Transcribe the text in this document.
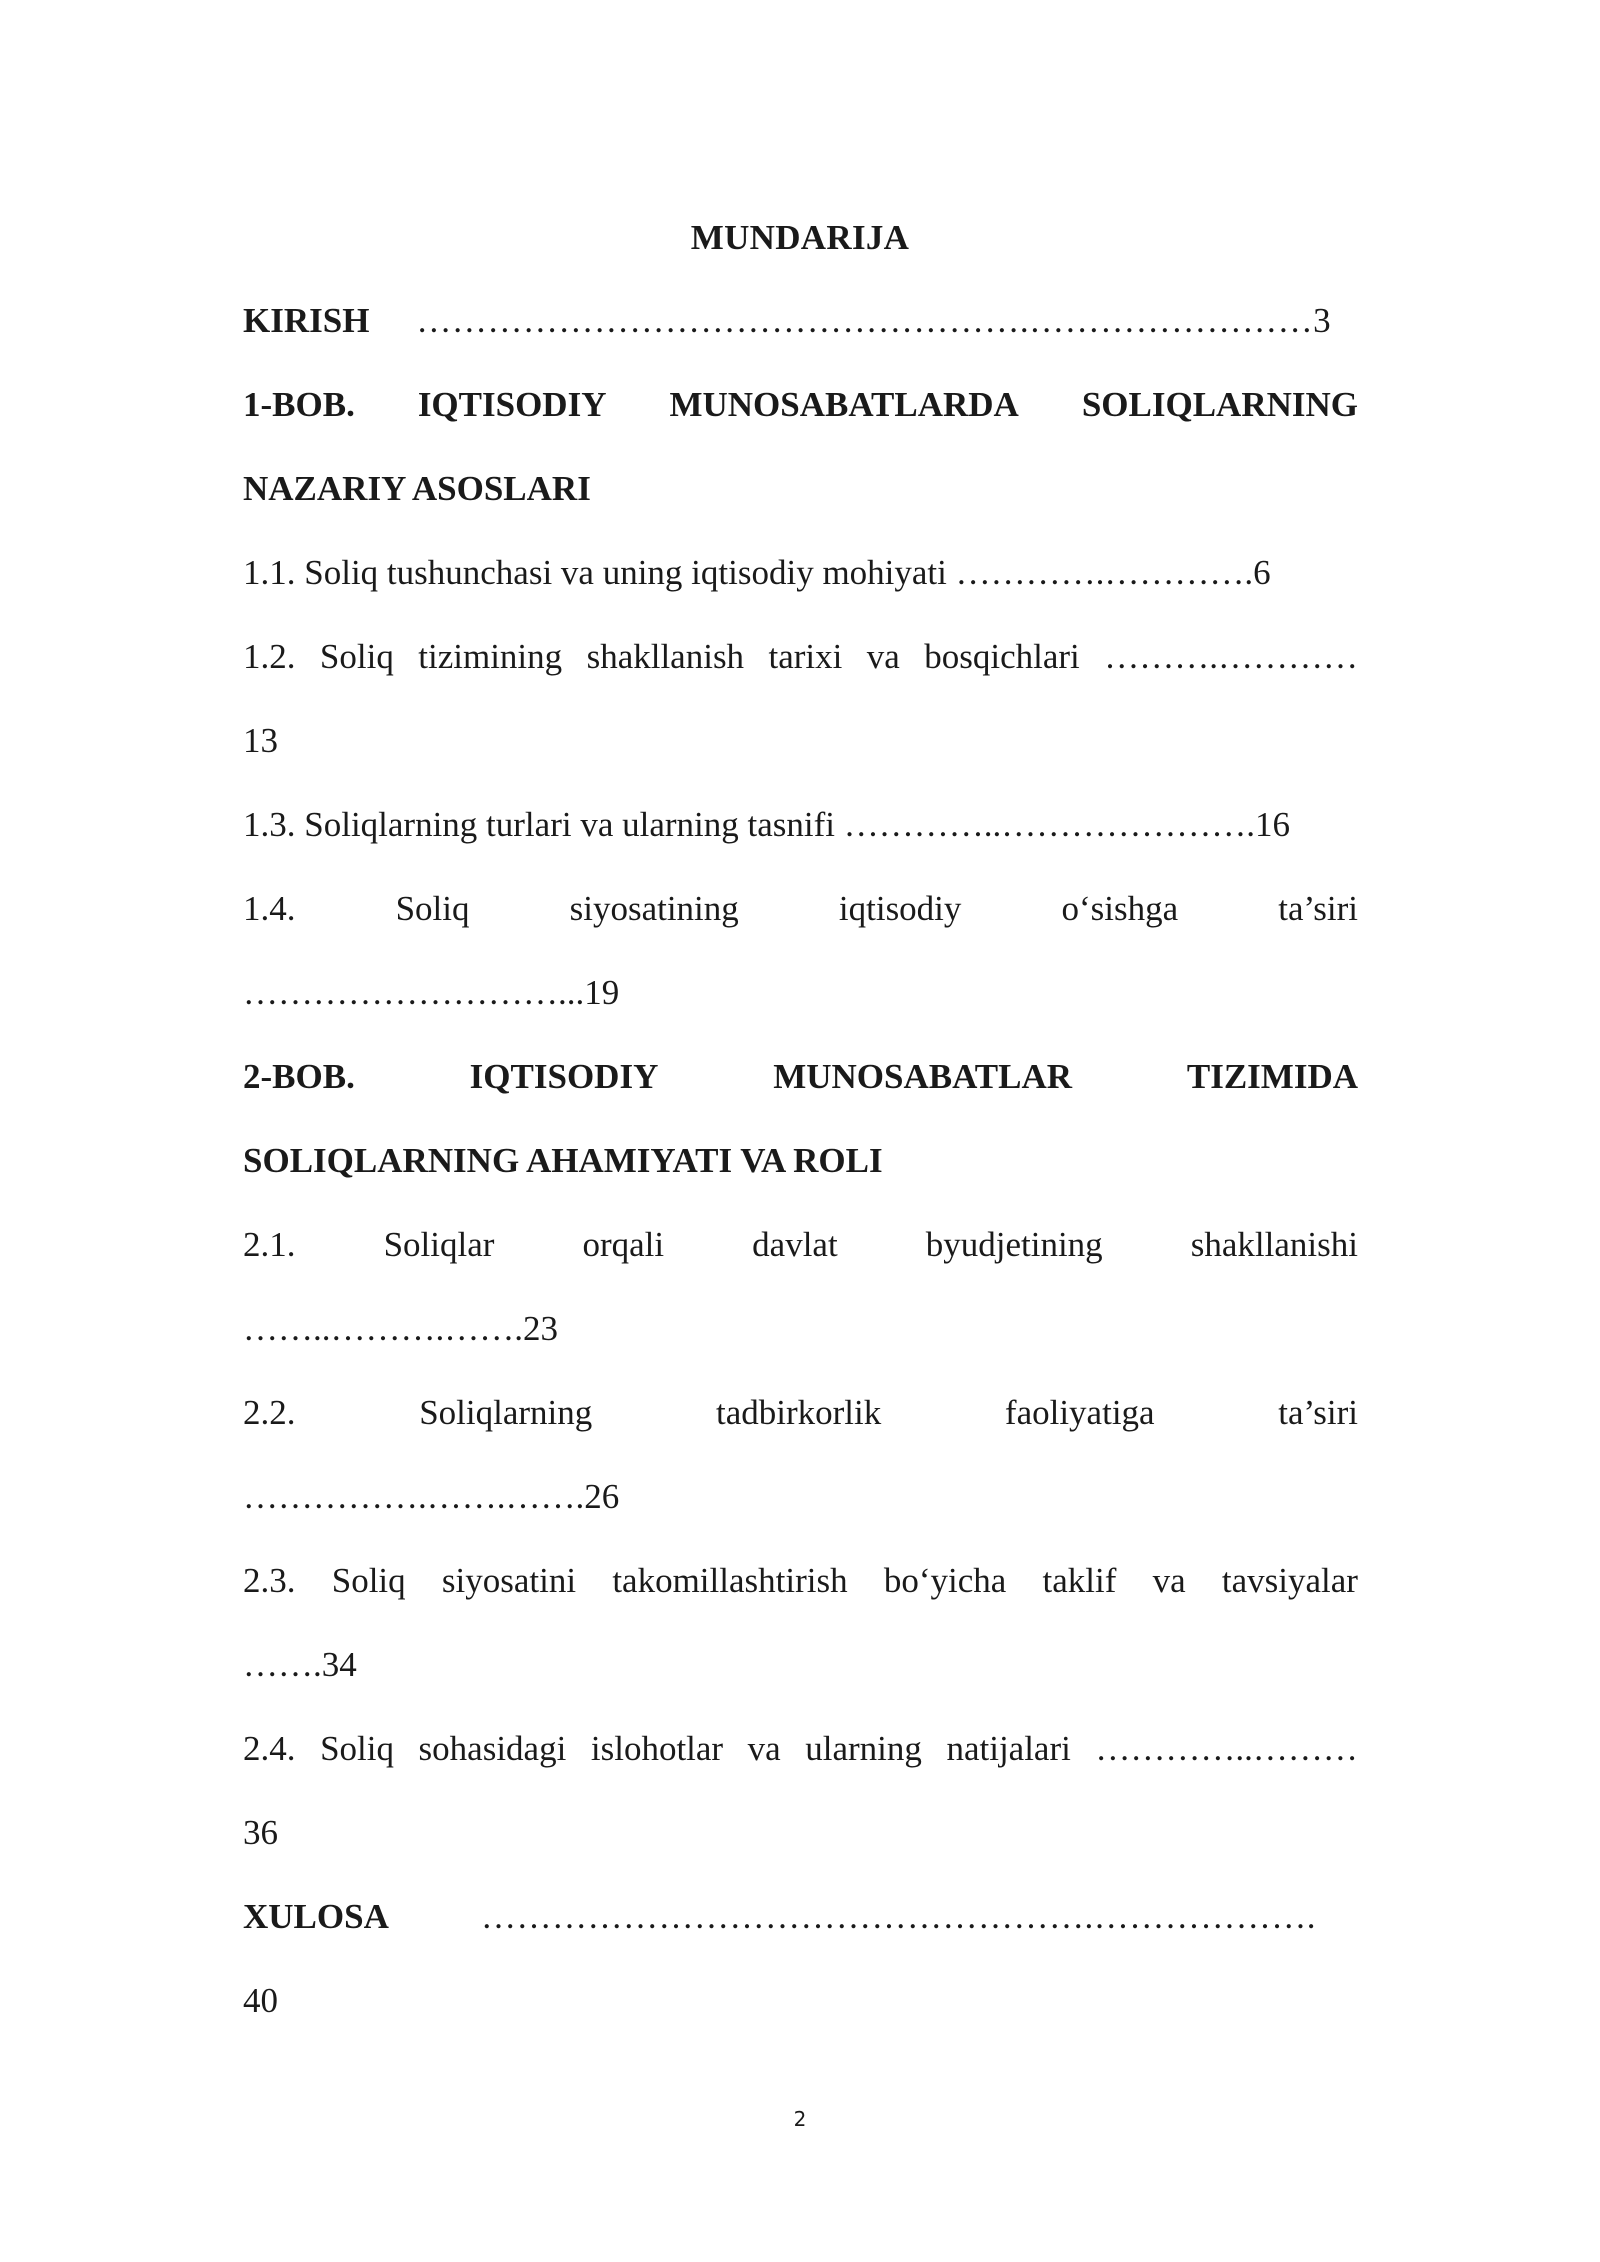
MUNDARIJA
KIRISH	…………………………………………….……………………3
1-BOB. IQTISODIY MUNOSABATLARDA SOLIQLARNING
NAZARIY ASOSLARI
1.1. Soliq tushunchasi va uning iqtisodiy mohiyati ………….………….6
1.2. Soliq tizimining shakllanish tarixi va bosqichlari ……….…………
13
1.3. Soliqlarning turlari va ularning tasnifi …………..………………….16
1.4.	Soliq	siyosatining	iqtisodiy	o‘sishga	ta’siri
………………………...19
2-BOB.	IQTISODIY	MUNOSABATLAR	TIZIMIDA
SOLIQLARNING AHAMIYATI VA ROLI
2.1.	Soliqlar	orqali	davlat	byudjetining	shakllanishi
……..……….…….23
2.2.	Soliqlarning	tadbirkorlik	faoliyatiga	ta’siri
…………….…….…….26
2.3. Soliq siyosatini takomillashtirish bo‘yicha taklif va tavsiyalar
…….34
2.4. Soliq sohasidagi islohotlar va ularning natijalari …………..………
36
XULOSA	…………………………………………….……………….
40
2
